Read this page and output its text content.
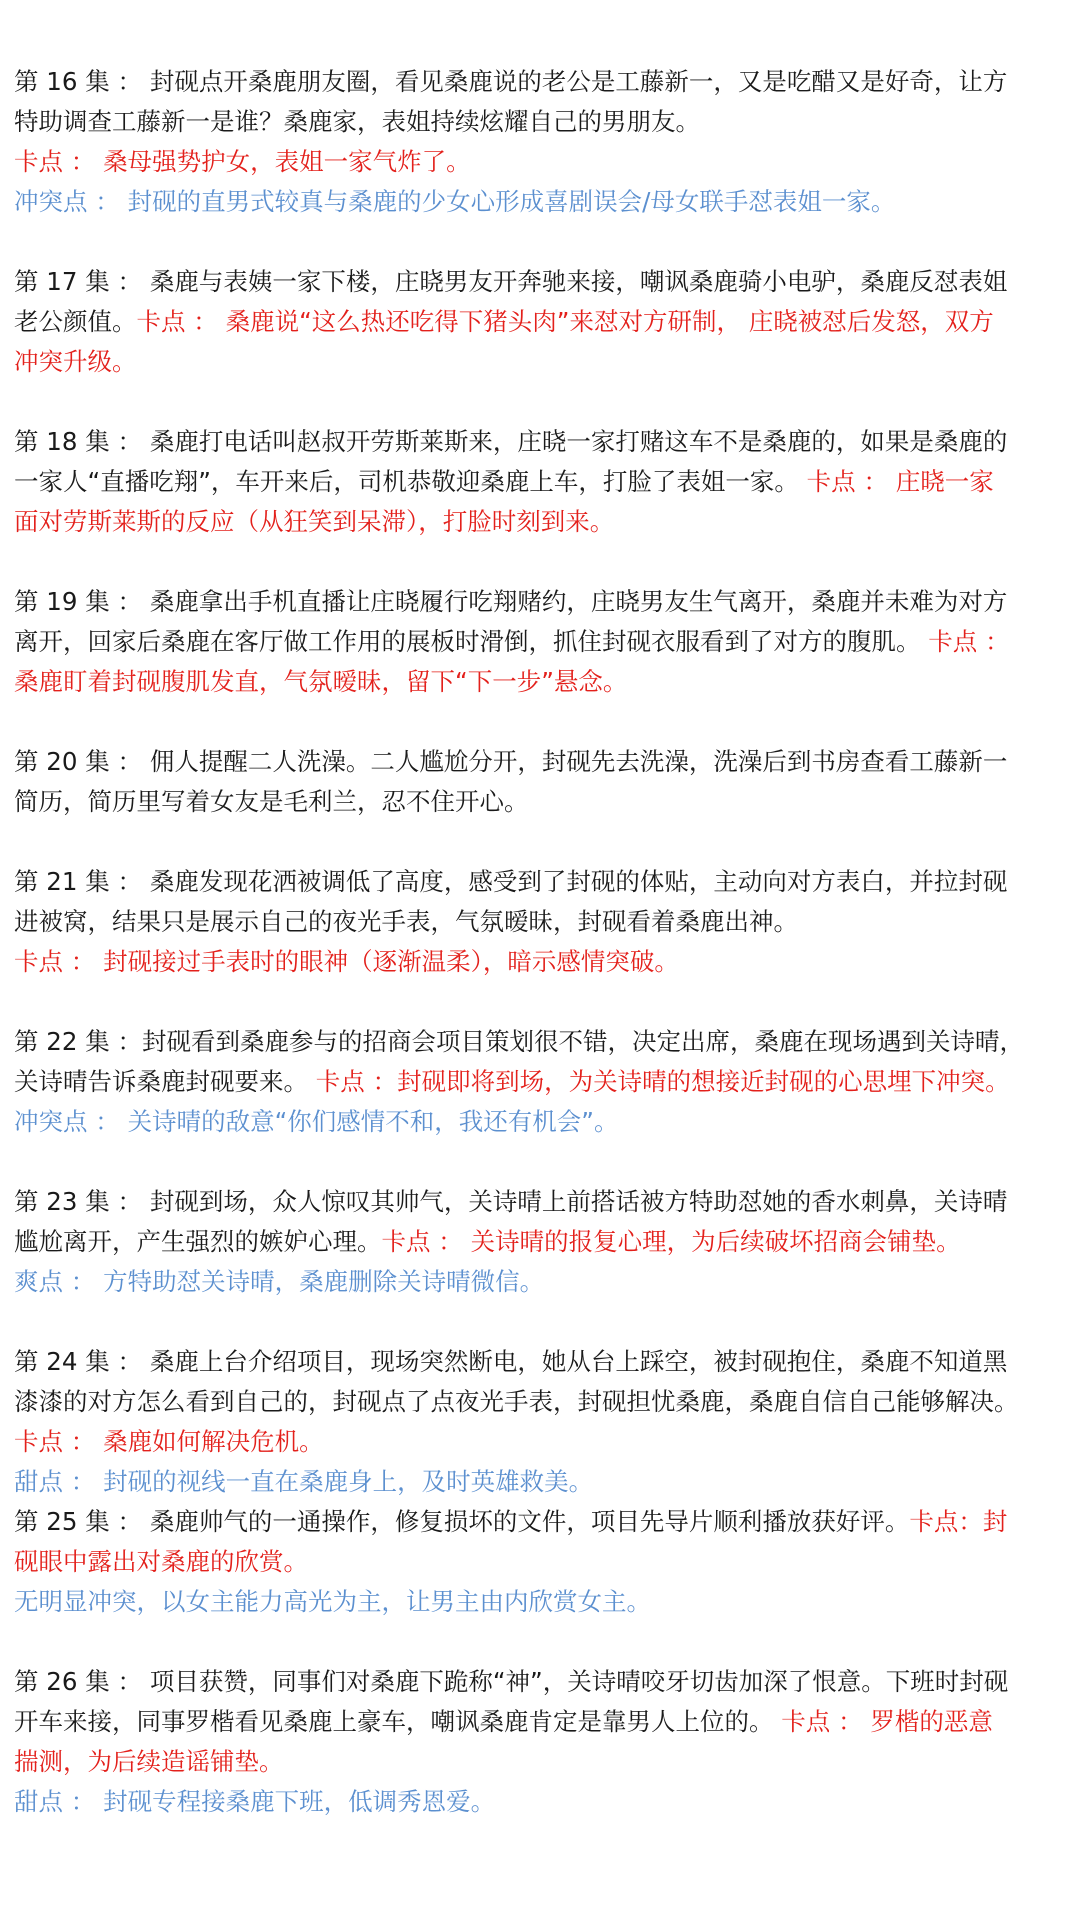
第 16 集 ： 封砚点开桑鹿朋友圈，看见桑鹿说的老公是工藤新一，又是吃醋又是好奇，让方
特助调查工藤新一是谁？桑鹿家，表姐持续炫耀自己的男朋友。
卡点 ： 桑母强势护女，表姐一家气炸了。
冲突点 ： 封砚的直男式较真与桑鹿的少女心形成喜剧误会/母女联手怼表姐一家。
第 17 集 ： 桑鹿与表姨一家下楼，庄晓男友开奔驰来接，嘲讽桑鹿骑小电驴，桑鹿反怼表姐
老公颜值。卡点 ： 桑鹿说“这么热还吃得下猪头肉”来怼对方研制， 庄晓被怼后发怒，双方
冲突升级。
第 18 集 ： 桑鹿打电话叫赵叔开劳斯莱斯来，庄晓一家打赌这车不是桑鹿的，如果是桑鹿的
一家人“直播吃翔”，车开来后，司机恭敬迎桑鹿上车，打脸了表姐一家。 卡点 ： 庄晓一家
面对劳斯莱斯的反应（从狂笑到呆滞），打脸时刻到来。
第 19 集 ： 桑鹿拿出手机直播让庄晓履行吃翔赌约，庄晓男友生气离开，桑鹿并未难为对方
离开，回家后桑鹿在客厅做工作用的展板时滑倒，抓住封砚衣服看到了对方的腹肌。 卡点 ：
桑鹿盯着封砚腹肌发直，气氛暧昧，留下“下一步”悬念。
第 20 集 ： 佣人提醒二人洗澡。二人尴尬分开，封砚先去洗澡，洗澡后到书房查看工藤新一
简历，简历里写着女友是毛利兰，忍不住开心。
第 21 集 ： 桑鹿发现花洒被调低了高度，感受到了封砚的体贴，主动向对方表白，并拉封砚
进被窝，结果只是展示自己的夜光手表，气氛暧昧，封砚看着桑鹿出神。
卡点 ： 封砚接过手表时的眼神（逐渐温柔），暗示感情突破。
第 22 集 ：封砚看到桑鹿参与的招商会项目策划很不错，决定出席，桑鹿在现场遇到关诗晴，
关诗晴告诉桑鹿封砚要来。 卡点 ：封砚即将到场，为关诗晴的想接近封砚的心思埋下冲突。
冲突点 ： 关诗晴的敌意“你们感情不和，我还有机会”。
第 23 集 ： 封砚到场，众人惊叹其帅气，关诗晴上前搭话被方特助怼她的香水刺鼻，关诗晴
尴尬离开，产生强烈的嫉妒心理。卡点 ： 关诗晴的报复心理，为后续破坏招商会铺垫。
爽点 ： 方特助怼关诗晴，桑鹿删除关诗晴微信。
第 24 集 ： 桑鹿上台介绍项目，现场突然断电，她从台上踩空，被封砚抱住，桑鹿不知道黑
漆漆的对方怎么看到自己的，封砚点了点夜光手表，封砚担忧桑鹿，桑鹿自信自己能够解决。
卡点 ： 桑鹿如何解决危机。
甜点 ： 封砚的视线一直在桑鹿身上，及时英雄救美。
第 25 集 ： 桑鹿帅气的一通操作，修复损坏的文件，项目先导片顺利播放获好评。卡点：封
砚眼中露出对桑鹿的欣赏。
无明显冲突，以女主能力高光为主，让男主由内欣赏女主。
第 26 集 ： 项目获赞，同事们对桑鹿下跪称“神”，关诗晴咬牙切齿加深了恨意。下班时封砚
开车来接，同事罗楷看见桑鹿上豪车，嘲讽桑鹿肯定是靠男人上位的。 卡点 ： 罗楷的恶意
揣测，为后续造谣铺垫。
甜点 ： 封砚专程接桑鹿下班，低调秀恩爱。
